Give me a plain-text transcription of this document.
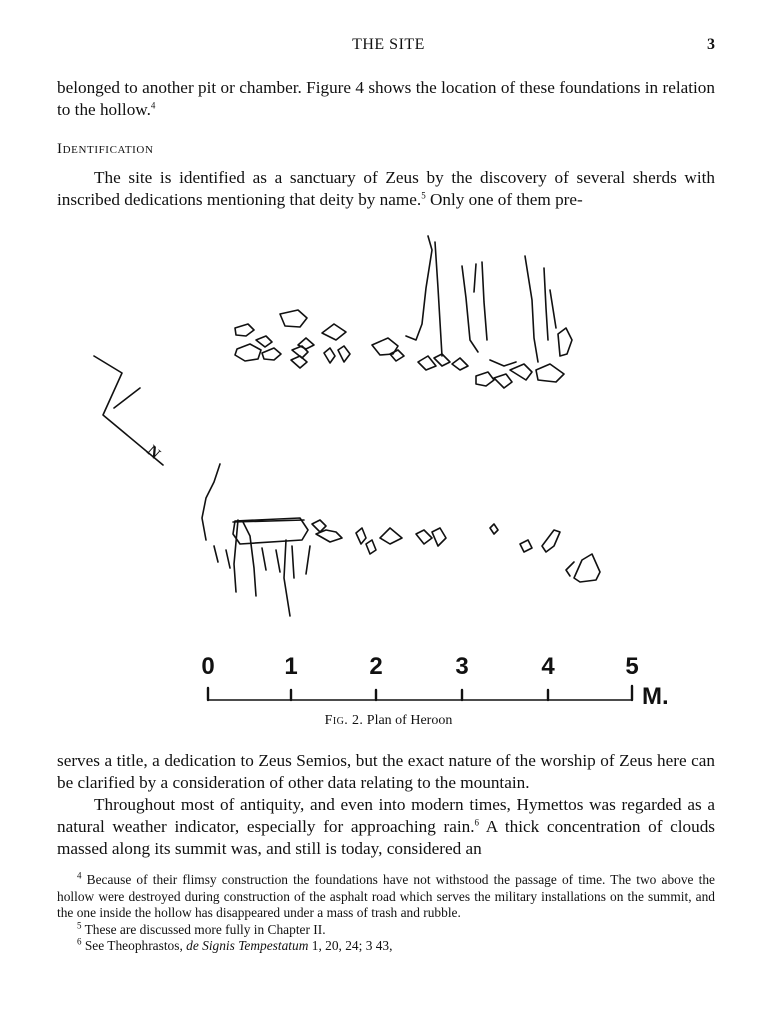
THE SITE	3

belonged to another pit or chamber. Figure 4 shows the location of these foundations in relation to the hollow.$^4$

Identification

The site is identified as a sanctuary of Zeus by the discovery of several sherds with inscribed dedications mentioning that deity by name.$^5$ Only one of them pre-

N
0	1	2	3	4	5
M.
Fig. 2. Plan of Heroon

serves a title, a dedication to Zeus Semios, but the exact nature of the worship of Zeus here can be clarified by a consideration of other data relating to the mountain.

Throughout most of antiquity, and even into modern times, Hymettos was regarded as a natural weather indicator, especially for approaching rain.$^6$ A thick concentration of clouds massed along its summit was, and still is today, considered an

$^4$ Because of their flimsy construction the foundations have not withstood the passage of time. The two above the hollow were destroyed during construction of the asphalt road which serves the military installations on the summit, and the one inside the hollow has disappeared under a mass of trash and rubble.

$^5$ These are discussed more fully in Chapter II.

$^6$ See Theophrastos, de Signis Tempestatum 1, 20, 24; 3 43,
